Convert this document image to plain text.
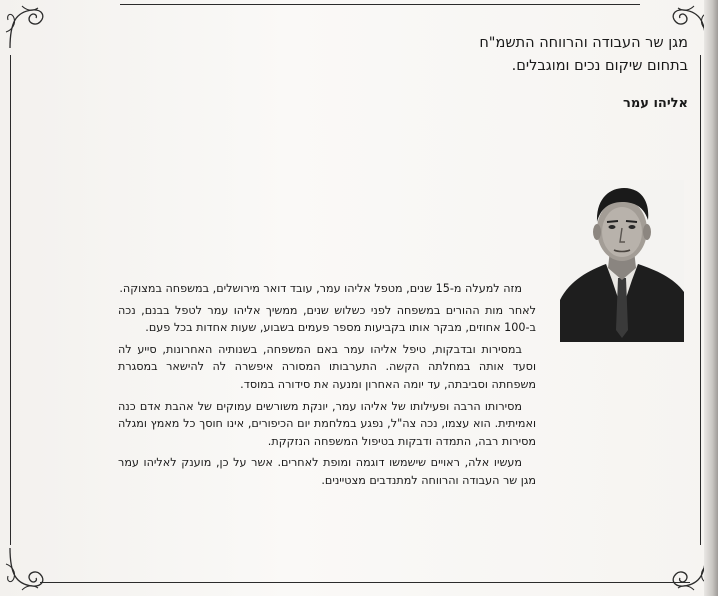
מגן שר העבודה והרווחה התשמ"ח
בתחום שיקום נכים ומוגבלים.
אליהו עמר

מזה למעלה מ-15 שנים, מטפל אליהו עמר, עובד דואר מירושלים, במשפחה במצוקה.

לאחר מות ההורים במשפחה לפני כשלוש שנים, ממשיך אליהו עמר לטפל בבנם, נכה ב-100 אחוזים, מבקר אותו בקביעות מספר פעמים בשבוע, שעות אחדות בכל פעם.

במסירות ובדבקות, טיפל אליהו עמר באם המשפחה, בשנותיה האחרונות, סייע לה וסעד אותה במחלתה הקשה. התערבותו המסורה איפשרה לה להישאר במסגרת משפחתה וסביבתה, עד יומה האחרון ומנעה את סידורה במוסד.

מסירותו הרבה ופעילותו של אליהו עמר, יונקת משורשים עמוקים של אהבת אדם כנה ואמיתית. הוא עצמו, נכה צה"ל, נפגע במלחמת יום הכיפורים, אינו חוסך כל מאמץ ומגלה מסירות רבה, התמדה ודבקות בטיפול המשפחה הנזקקת.

מעשיו אלה, ראויים שישמשו דוגמה ומופת לאחרים. אשר על כן, מוענק לאליהו עמר מגן שר העבודה והרווחה למתנדבים מצטיינים.
